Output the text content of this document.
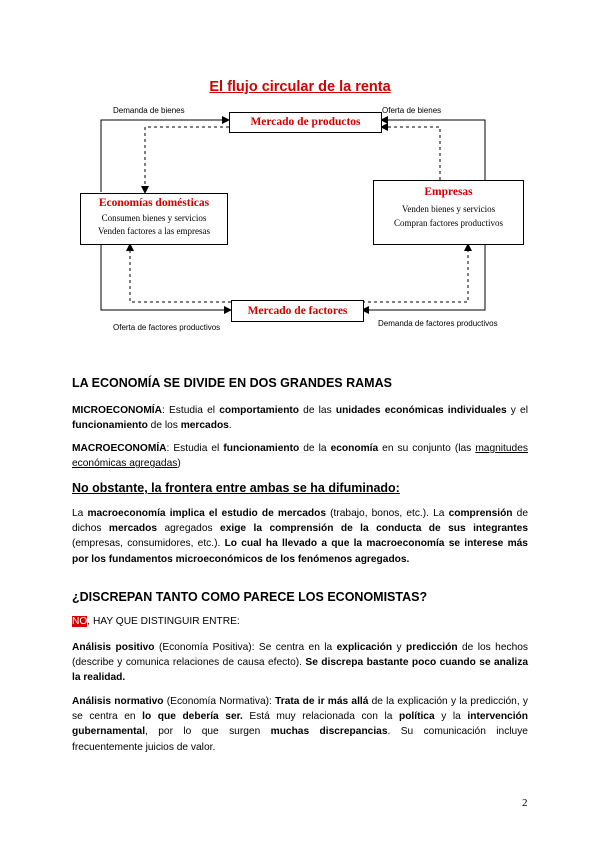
El flujo circular de la renta
Mercado de productos
Economías domésticas
Consumen bienes y servicios
Venden factores a las empresas
Empresas
Venden bienes y servicios
Compran factores productivos
Mercado de factores
Demanda de bienes	Oferta de bienes
Oferta de factores productivos	Demanda de factores productivos
LA ECONOMÍA SE DIVIDE EN DOS GRANDES RAMAS
MICROECONOMÍA: Estudia el comportamiento de las unidades económicas individuales y el funcionamiento de los mercados.
MACROECONOMÍA: Estudia el funcionamiento de la economía en su conjunto (las magnitudes económicas agregadas)
No obstante, la frontera entre ambas se ha difuminado:
La macroeconomía implica el estudio de mercados (trabajo, bonos, etc.). La comprensión de dichos mercados agregados exige la comprensión de la conducta de sus integrantes (empresas, consumidores, etc.). Lo cual ha llevado a que la macroeconomía se interese más por los fundamentos microeconómicos de los fenómenos agregados.
¿DISCREPAN TANTO COMO PARECE LOS ECONOMISTAS?
NO, HAY QUE DISTINGUIR ENTRE:
Análisis positivo (Economía Positiva): Se centra en la explicación y predicción de los hechos (describe y comunica relaciones de causa efecto). Se discrepa bastante poco cuando se analiza la realidad.
Análisis normativo (Economía Normativa): Trata de ir más allá de la explicación y la predicción, y se centra en lo que debería ser. Está muy relacionada con la política y la intervención gubernamental, por lo que surgen muchas discrepancias. Su comunicación incluye frecuentemente juicios de valor.
2
